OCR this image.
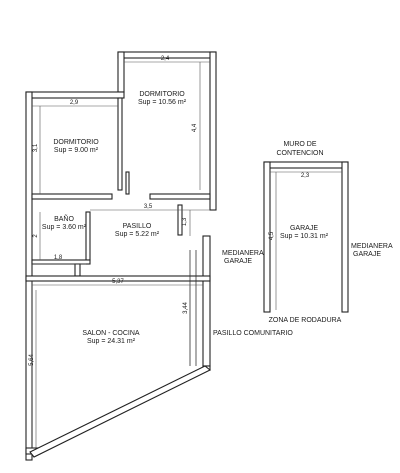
DORMITORIO
Sup = 10.56 m²
DORMITORIO
Sup = 9.00 m²
BAÑO
Sup = 3.60 m²	PASILLO
Sup = 5.22 m²
SALON - COCINA
Sup = 24.31 m²
GARAJE
Sup = 10.31 m²
MURO DE
CONTENCION
MEDIANERA
GARAJE
MEDIANERA
GARAJE
ZONA DE RODADURA
PASILLO COMUNITARIO
2,4
4,4
2,9
3,1
3,5
1,3
2
1,8
5,37
3,44
5,64
2,3
4,5
